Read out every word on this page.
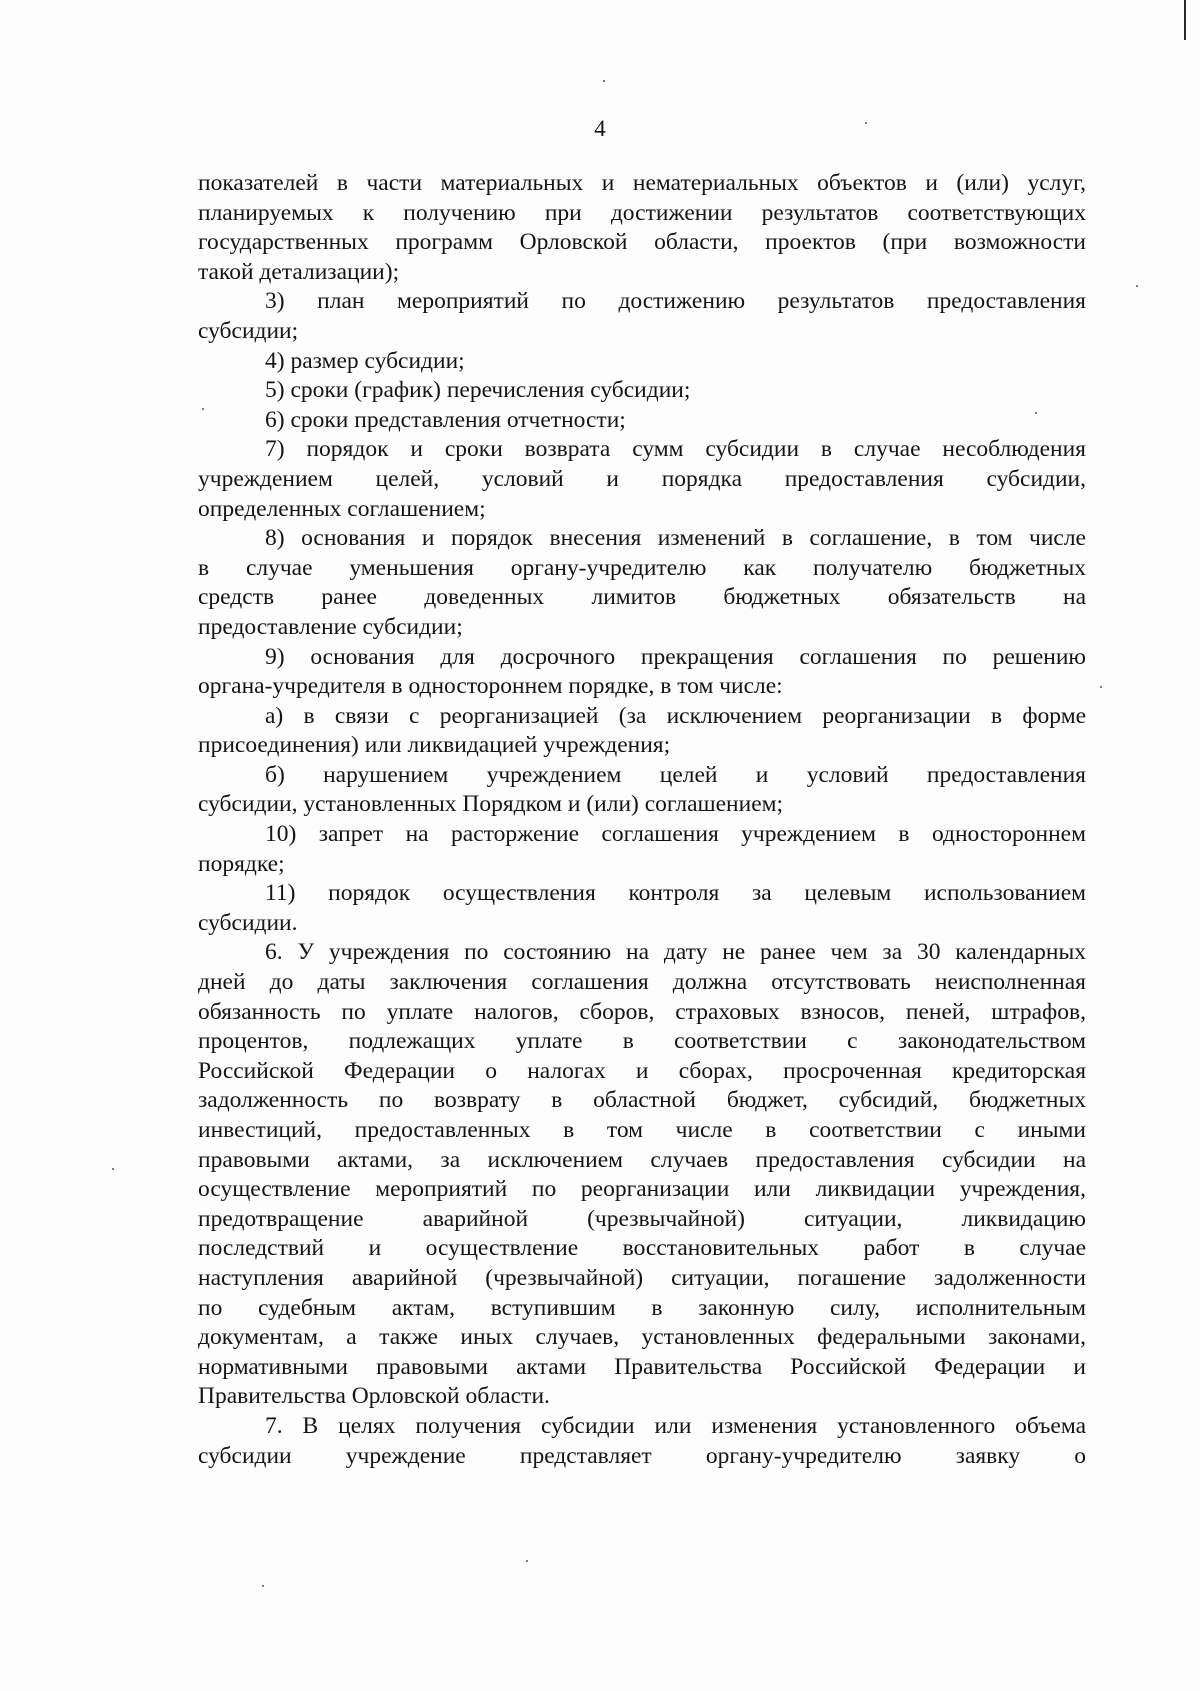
4
показателей в части материальных и нематериальных объектов и (или) услуг,
планируемых к получению при достижении результатов соответствующих
государственных программ Орловской области, проектов (при возможности
такой детализации);
3) план мероприятий по достижению результатов предоставления
субсидии;
4) размер субсидии;
5) сроки (график) перечисления субсидии;
6) сроки представления отчетности;
7) порядок и сроки возврата сумм субсидии в случае несоблюдения
учреждением целей, условий и порядка предоставления субсидии,
определенных соглашением;
8) основания и порядок внесения изменений в соглашение, в том числе
в случае уменьшения органу-учредителю как получателю бюджетных
средств ранее доведенных лимитов бюджетных обязательств на
предоставление субсидии;
9) основания для досрочного прекращения соглашения по решению
органа-учредителя в одностороннем порядке, в том числе:
а) в связи с реорганизацией (за исключением реорганизации в форме
присоединения) или ликвидацией учреждения;
б) нарушением учреждением целей и условий предоставления
субсидии, установленных Порядком и (или) соглашением;
10) запрет на расторжение соглашения учреждением в одностороннем
порядке;
11) порядок осуществления контроля за целевым использованием
субсидии.
6. У учреждения по состоянию на дату не ранее чем за 30 календарных
дней до даты заключения соглашения должна отсутствовать неисполненная
обязанность по уплате налогов, сборов, страховых взносов, пеней, штрафов,
процентов, подлежащих уплате в соответствии с законодательством
Российской Федерации о налогах и сборах, просроченная кредиторская
задолженность по возврату в областной бюджет, субсидий, бюджетных
инвестиций, предоставленных в том числе в соответствии с иными
правовыми актами, за исключением случаев предоставления субсидии на
осуществление мероприятий по реорганизации или ликвидации учреждения,
предотвращение аварийной (чрезвычайной) ситуации, ликвидацию
последствий и осуществление восстановительных работ в случае
наступления аварийной (чрезвычайной) ситуации, погашение задолженности
по судебным актам, вступившим в законную силу, исполнительным
документам, а также иных случаев, установленных федеральными законами,
нормативными правовыми актами Правительства Российской Федерации и
Правительства Орловской области.
7. В целях получения субсидии или изменения установленного объема
субсидии учреждение представляет органу-учредителю заявку о
